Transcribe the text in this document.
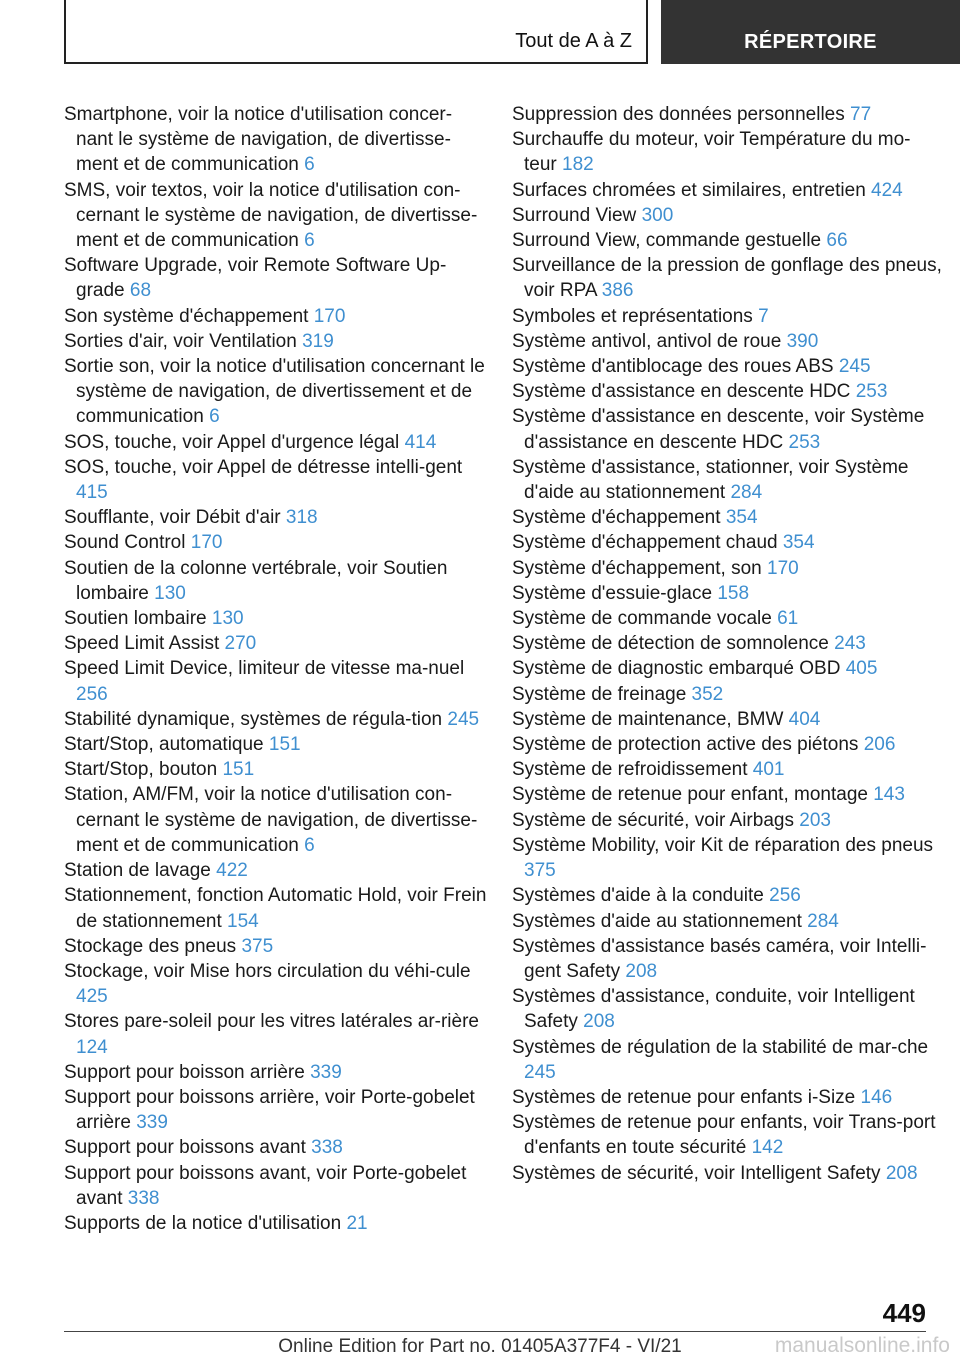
Tout de A à Z	RÉPERTOIRE

Smartphone, voir la notice d'utilisation concer-nant le système de navigation, de divertisse-ment et de communication 6

SMS, voir textos, voir la notice d'utilisation con-cernant le système de navigation, de divertisse-ment et de communication 6

Software Upgrade, voir Remote Software Up-grade 68

Son système d'échappement 170

Sorties d'air, voir Ventilation 319

Sortie son, voir la notice d'utilisation concernant le système de navigation, de divertissement et de communication 6

SOS, touche, voir Appel d'urgence légal 414

SOS, touche, voir Appel de détresse intelli-gent 415

Soufflante, voir Débit d'air 318

Sound Control 170

Soutien de la colonne vertébrale, voir Soutien lombaire 130

Soutien lombaire 130

Speed Limit Assist 270

Speed Limit Device, limiteur de vitesse ma-nuel 256

Stabilité dynamique, systèmes de régula-tion 245

Start/Stop, automatique 151

Start/Stop, bouton 151

Station, AM/FM, voir la notice d'utilisation con-cernant le système de navigation, de divertisse-ment et de communication 6

Station de lavage 422

Stationnement, fonction Automatic Hold, voir Frein de stationnement 154

Stockage des pneus 375

Stockage, voir Mise hors circulation du véhi-cule 425

Stores pare-soleil pour les vitres latérales ar-rière 124

Support pour boisson arrière 339

Support pour boissons arrière, voir Porte-gobelet arrière 339

Support pour boissons avant 338

Support pour boissons avant, voir Porte-gobelet avant 338

Supports de la notice d'utilisation 21

Suppression des données personnelles 77

Surchauffe du moteur, voir Température du mo-teur 182

Surfaces chromées et similaires, entretien 424

Surround View 300

Surround View, commande gestuelle 66

Surveillance de la pression de gonflage des pneus, voir RPA 386

Symboles et représentations 7

Système antivol, antivol de roue 390

Système d'antiblocage des roues ABS 245

Système d'assistance en descente HDC 253

Système d'assistance en descente, voir Système d'assistance en descente HDC 253

Système d'assistance, stationner, voir Système d'aide au stationnement 284

Système d'échappement 354

Système d'échappement chaud 354

Système d'échappement, son 170

Système d'essuie-glace 158

Système de commande vocale 61

Système de détection de somnolence 243

Système de diagnostic embarqué OBD 405

Système de freinage 352

Système de maintenance, BMW 404

Système de protection active des piétons 206

Système de refroidissement 401

Système de retenue pour enfant, montage 143

Système de sécurité, voir Airbags 203

Système Mobility, voir Kit de réparation des pneus 375

Systèmes d'aide à la conduite 256

Systèmes d'aide au stationnement 284

Systèmes d'assistance basés caméra, voir Intelli-gent Safety 208

Systèmes d'assistance, conduite, voir Intelligent Safety 208

Systèmes de régulation de la stabilité de mar-che 245

Systèmes de retenue pour enfants i-Size 146

Systèmes de retenue pour enfants, voir Trans-port d'enfants en toute sécurité 142

Systèmes de sécurité, voir Intelligent Safety 208

449
Online Edition for Part no. 01405A377F4 - VI/21	manualsonline.info
